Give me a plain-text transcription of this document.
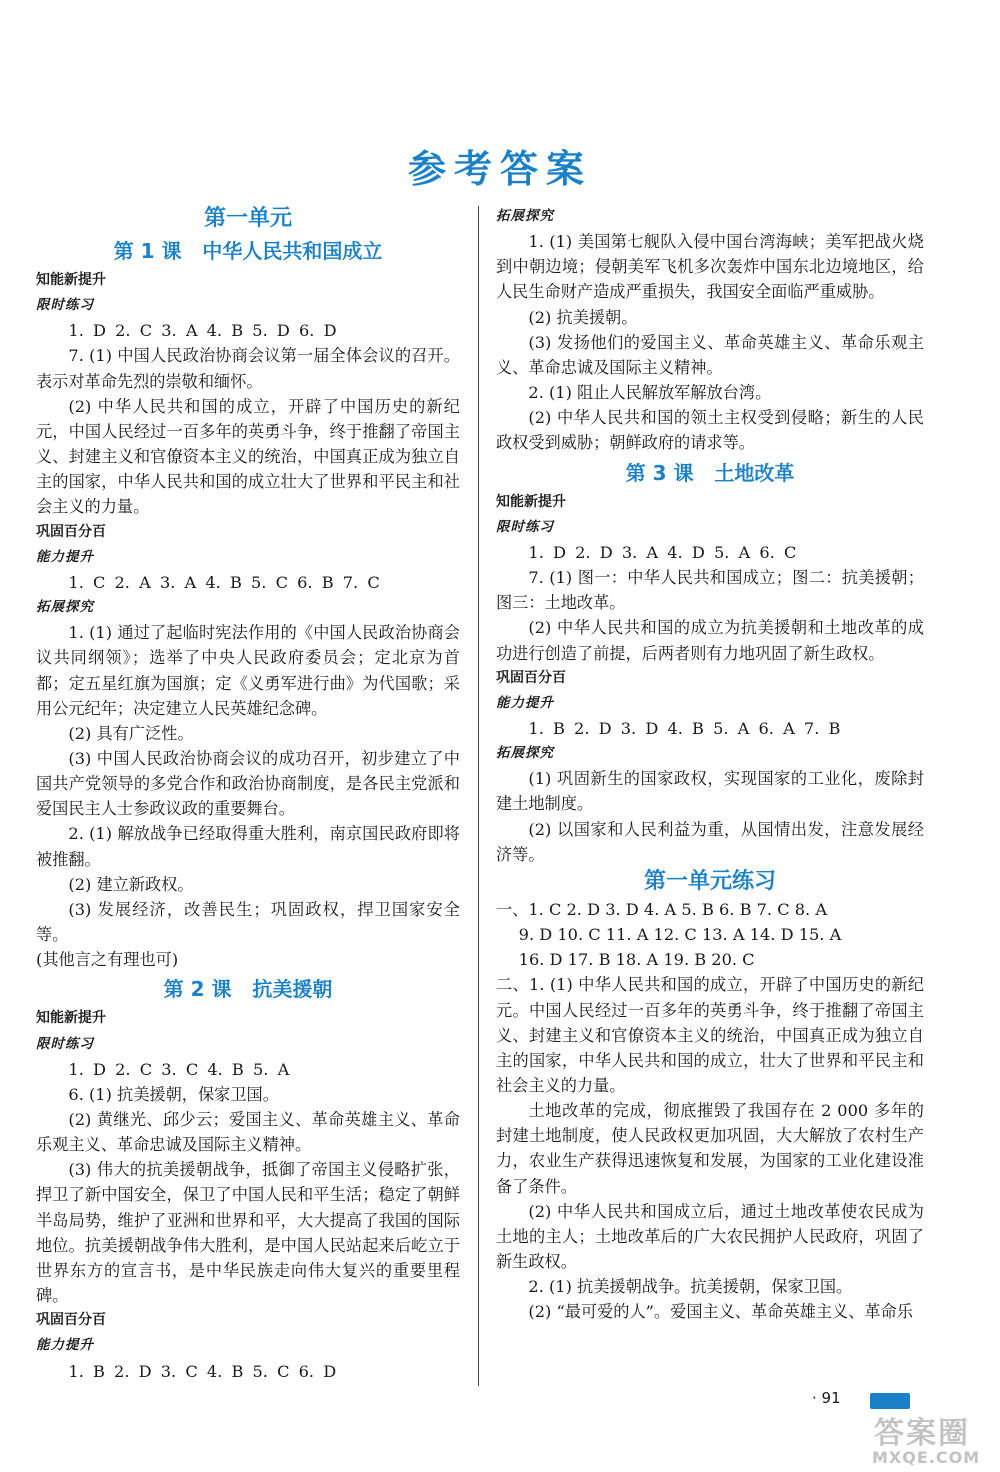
参考答案
第一单元
第 1 课   中华人民共和国成立
知能新提升
限时练习
1. D 2. C 3. A 4. B 5. D 6. D
7. (1) 中国人民政治协商会议第一届全体会议的召开。表示对革命先烈的崇敬和缅怀。
(2) 中华人民共和国的成立，开辟了中国历史的新纪元，中国人民经过一百多年的英勇斗争，终于推翻了帝国主义、封建主义和官僚资本主义的统治，中国真正成为独立自主的国家，中华人民共和国的成立壮大了世界和平民主和社会主义的力量。
巩固百分百
能力提升
1. C 2. A 3. A 4. B 5. C 6. B 7. C
拓展探究
1. (1) 通过了起临时宪法作用的《中国人民政治协商会议共同纲领》；选举了中央人民政府委员会；定北京为首都；定五星红旗为国旗；定《义勇军进行曲》为代国歌；采用公元纪年；决定建立人民英雄纪念碑。
(2) 具有广泛性。
(3) 中国人民政治协商会议的成功召开，初步建立了中国共产党领导的多党合作和政治协商制度，是各民主党派和爱国民主人士参政议政的重要舞台。
2. (1) 解放战争已经取得重大胜利，南京国民政府即将被推翻。
(2) 建立新政权。
(3) 发展经济，改善民生；巩固政权，捍卫国家安全等。
(其他言之有理也可)
第 2 课   抗美援朝
知能新提升
限时练习
1. D 2. C 3. C 4. B 5. A
6. (1) 抗美援朝，保家卫国。
(2) 黄继光、邱少云；爱国主义、革命英雄主义、革命乐观主义、革命忠诚及国际主义精神。
(3) 伟大的抗美援朝战争，抵御了帝国主义侵略扩张，捍卫了新中国安全，保卫了中国人民和平生活；稳定了朝鲜半岛局势，维护了亚洲和世界和平，大大提高了我国的国际地位。抗美援朝战争伟大胜利，是中国人民站起来后屹立于世界东方的宣言书，是中华民族走向伟大复兴的重要里程碑。
巩固百分百
能力提升
1. B 2. D 3. C 4. B 5. C 6. D
拓展探究
1. (1) 美国第七舰队入侵中国台湾海峡；美军把战火烧到中朝边境；侵朝美军飞机多次轰炸中国东北边境地区，给人民生命财产造成严重损失，我国安全面临严重威胁。
(2) 抗美援朝。
(3) 发扬他们的爱国主义、革命英雄主义、革命乐观主义、革命忠诚及国际主义精神。
2. (1) 阻止人民解放军解放台湾。
(2) 中华人民共和国的领土主权受到侵略；新生的人民政权受到威胁；朝鲜政府的请求等。
第 3 课   土地改革
知能新提升
限时练习
1. D 2. D 3. A 4. D 5. A 6. C
7. (1) 图一：中华人民共和国成立；图二：抗美援朝；图三：土地改革。
(2) 中华人民共和国的成立为抗美援朝和土地改革的成功进行创造了前提，后两者则有力地巩固了新生政权。
巩固百分百
能力提升
1. B 2. D 3. D 4. B 5. A 6. A 7. B
拓展探究
(1) 巩固新生的国家政权，实现国家的工业化，废除封建土地制度。
(2) 以国家和人民利益为重，从国情出发，注意发展经济等。
第一单元练习
一、1. C 2. D 3. D 4. A 5. B 6. B 7. C 8. A
9. D 10. C 11. A 12. C 13. A 14. D 15. A
16. D 17. B 18. A 19. B 20. C
二、1. (1) 中华人民共和国的成立，开辟了中国历史的新纪元。中国人民经过一百多年的英勇斗争，终于推翻了帝国主义、封建主义和官僚资本主义的统治，中国真正成为独立自主的国家，中华人民共和国的成立，壮大了世界和平民主和社会主义的力量。
土地改革的完成，彻底摧毁了我国存在 2 000 多年的封建土地制度，使人民政权更加巩固，大大解放了农村生产力，农业生产获得迅速恢复和发展，为国家的工业化建设准备了条件。
(2) 中华人民共和国成立后，通过土地改革使农民成为土地的主人；土地改革后的广大农民拥护人民政府，巩固了新生政权。
2. (1) 抗美援朝战争。抗美援朝，保家卫国。
(2) “最可爱的人”。爱国主义、革命英雄主义、革命乐
· 91
答案圈
MXQE.COM
